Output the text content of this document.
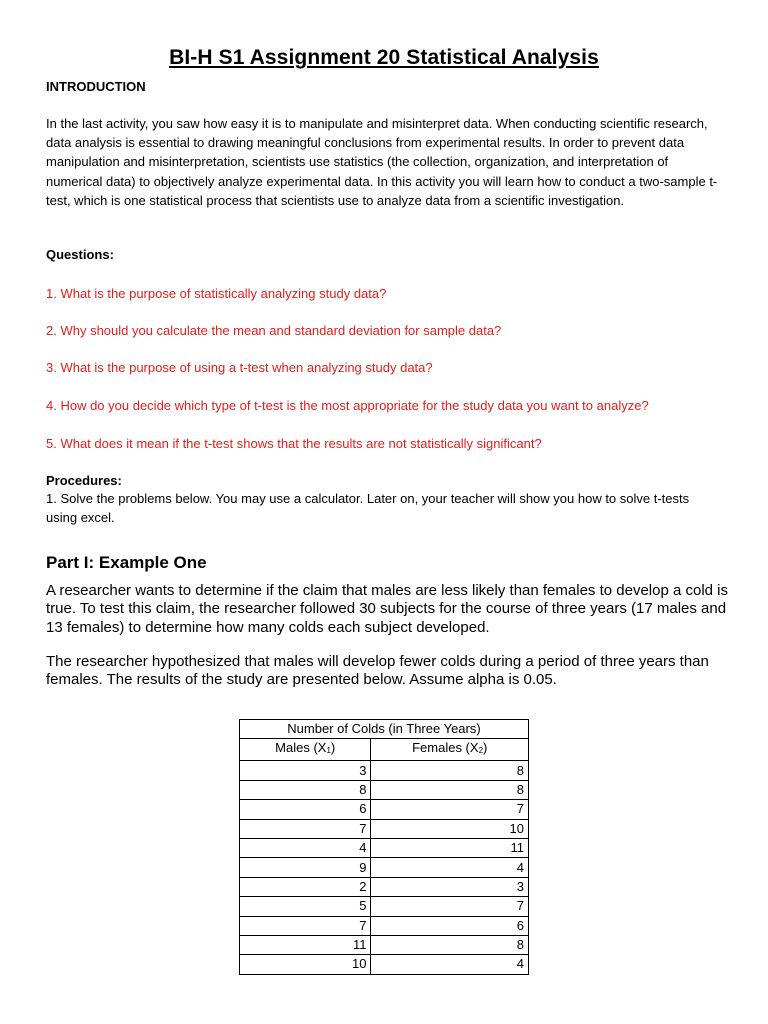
BI-H S1 Assignment 20 Statistical Analysis
INTRODUCTION
In the last activity, you saw how easy it is to manipulate and misinterpret data. When conducting scientific research, data analysis is essential to drawing meaningful conclusions from experimental results. In order to prevent data manipulation and misinterpretation, scientists use statistics (the collection, organization, and interpretation of numerical data) to objectively analyze experimental data. In this activity you will learn how to conduct a two-sample t-test, which is one statistical process that scientists use to analyze data from a scientific investigation.
Questions:
1. What is the purpose of statistically analyzing study data?
2. Why should you calculate the mean and standard deviation for sample data?
3. What is the purpose of using a t-test when analyzing study data?
4. How do you decide which type of t-test is the most appropriate for the study data you want to analyze?
5. What does it mean if the t-test shows that the results are not statistically significant?
Procedures:
1. Solve the problems below. You may use a calculator. Later on, your teacher will show you how to solve t-tests using excel.
Part I: Example One
A researcher wants to determine if the claim that males are less likely than females to develop a cold is true. To test this claim, the researcher followed 30 subjects for the course of three years (17 males and 13 females) to determine how many colds each subject developed.
The researcher hypothesized that males will develop fewer colds during a period of three years than females. The results of the study are presented below. Assume alpha is 0.05.
Number of Colds (in Three Years)	
Males $(X_1)$	Females $(X_2)$
3	8
8	8
6	7
7	10
4	11
9	4
2	3
5	7
7	6
11	8
10	4
